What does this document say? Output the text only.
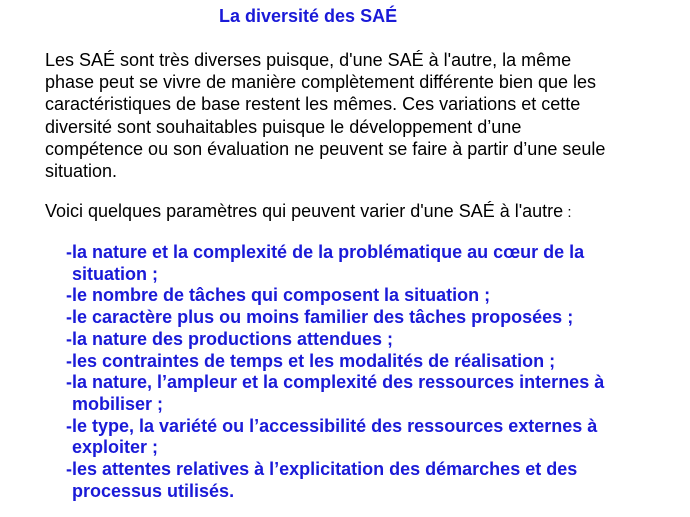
La diversité des SAÉ

Les SAÉ sont très diverses puisque, d'une SAÉ à l'autre, la même
phase peut se vivre de manière complètement différente bien que les
caractéristiques de base restent les mêmes. Ces variations et cette
diversité sont souhaitables puisque le développement d’une
compétence ou son évaluation ne peuvent se faire à partir d’une seule
situation.

Voici quelques paramètres qui peuvent varier d'une SAÉ à l'autre :

-la nature et la complexité de la problématique au cœur de la
situation ;
-le nombre de tâches qui composent la situation ;
-le caractère plus ou moins familier des tâches proposées ;
-la nature des productions attendues ;
-les contraintes de temps et les modalités de réalisation ;
-la nature, l’ampleur et la complexité des ressources internes à
mobiliser ;
-le type, la variété ou l’accessibilité des ressources externes à
exploiter ;
-les attentes relatives à l’explicitation des démarches et des
processus utilisés.
